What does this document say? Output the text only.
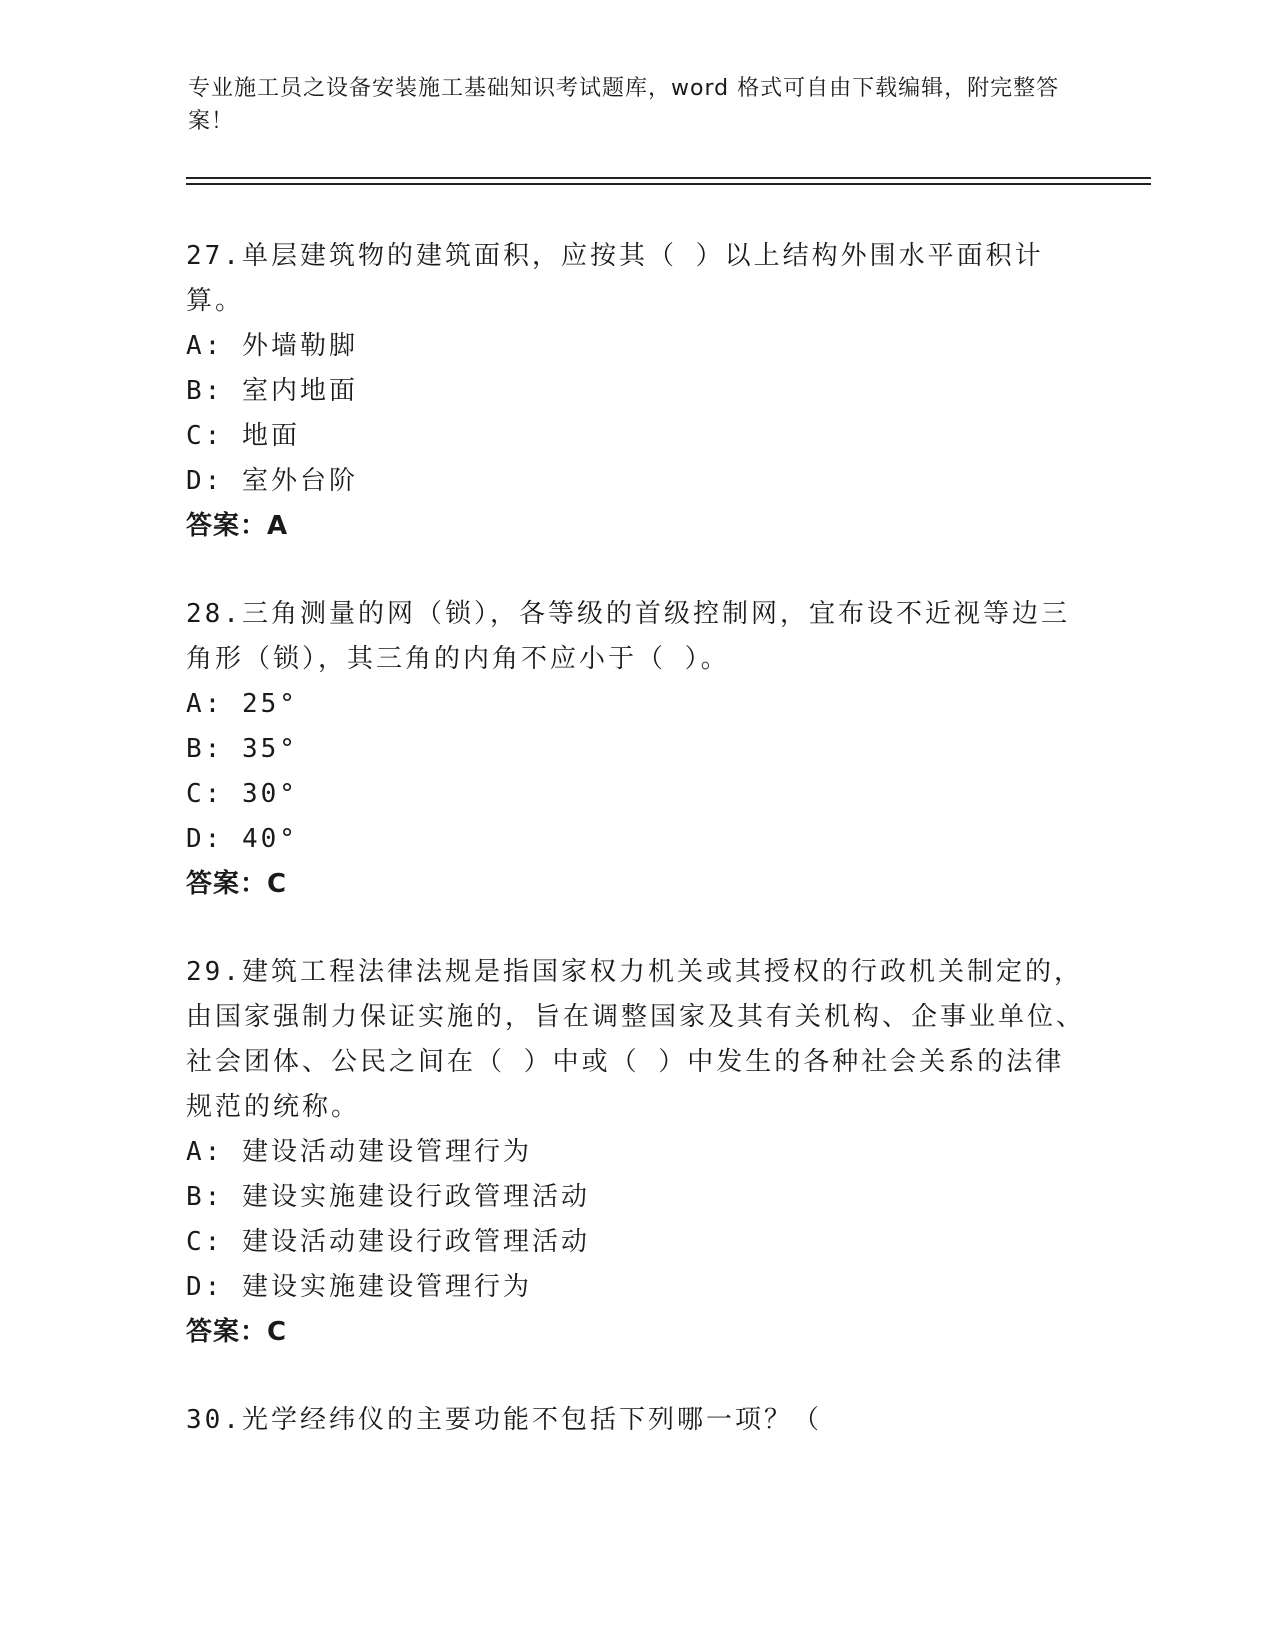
专业施工员之设备安装施工基础知识考试题库，word 格式可自由下载编辑，附完整答案！
27.单层建筑物的建筑面积，应按其（ ）以上结构外围水平面积计算。
A: 外墙勒脚
B: 室内地面
C: 地面
D: 室外台阶
答案：A
28.三角测量的网（锁），各等级的首级控制网，宜布设不近视等边三角形（锁），其三角的内角不应小于（ ）。
A: 25°
B: 35°
C: 30°
D: 40°
答案：C
29.建筑工程法律法规是指国家权力机关或其授权的行政机关制定的，由国家强制力保证实施的，旨在调整国家及其有关机构、企事业单位、社会团体、公民之间在（ ）中或（ ）中发生的各种社会关系的法律规范的统称。
A: 建设活动建设管理行为
B: 建设实施建设行政管理活动
C: 建设活动建设行政管理活动
D: 建设实施建设管理行为
答案：C
30.光学经纬仪的主要功能不包括下列哪一项？（
